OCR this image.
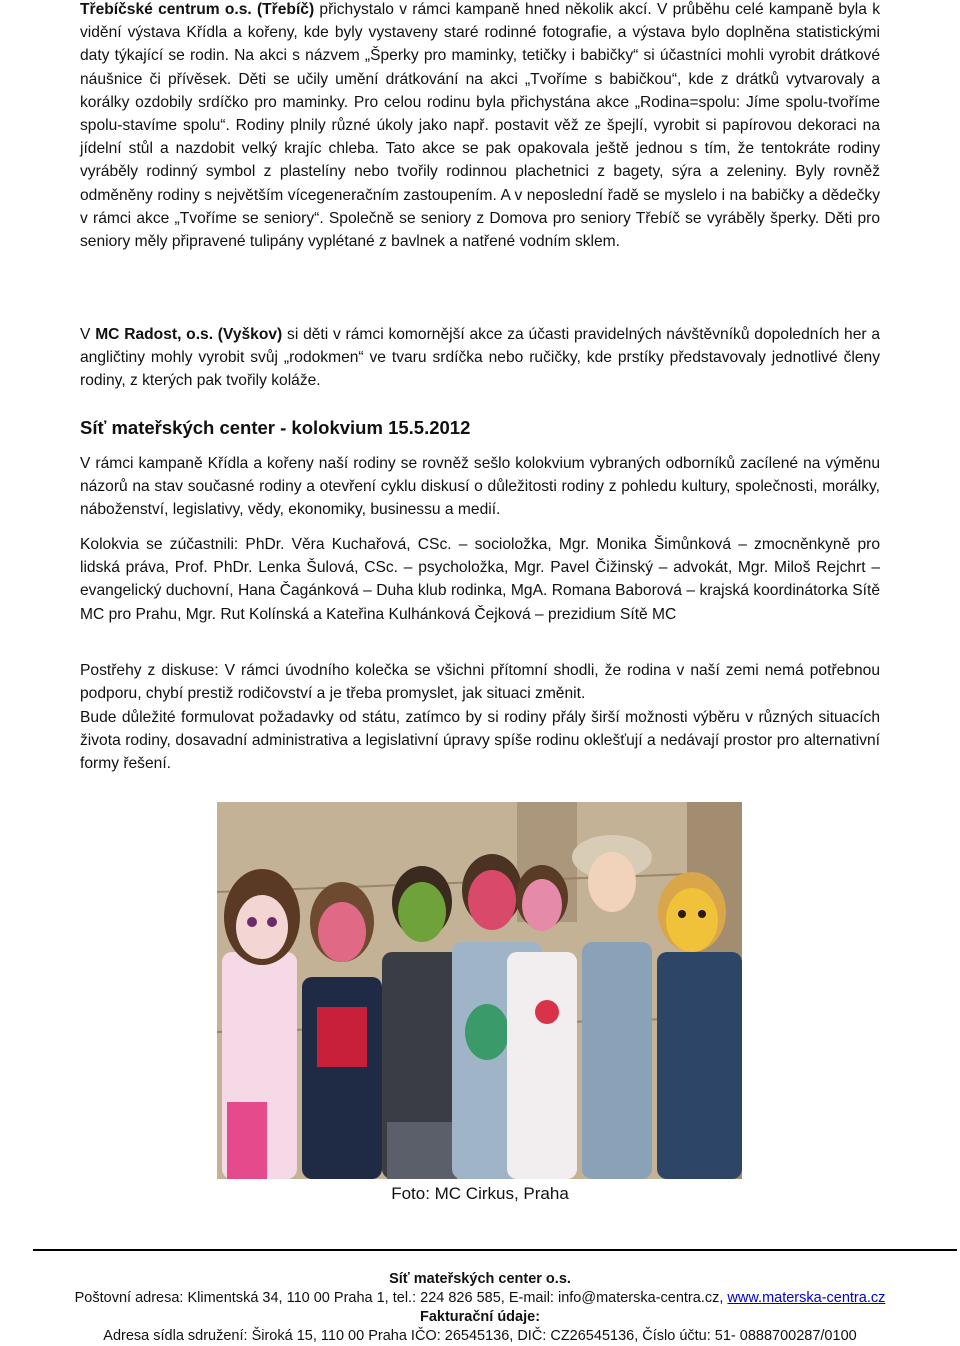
Třebíčské centrum o.s. (Třebíč) přichystalo v rámci kampaně hned několik akcí. V průběhu celé kampaně byla k vidění výstava Křídla a kořeny, kde byly vystaveny staré rodinné fotografie, a výstava bylo doplněna statistickými daty týkající se rodin. Na akci s názvem „Šperky pro maminky, tetičky i babičky“ si účastníci mohli vyrobit drátkové náušnice či přívěsek. Děti se učily umění drátkování na akci „Tvoříme s babičkou“, kde z drátků vytvarovaly a korálky ozdobily srdíčko pro maminky. Pro celou rodinu byla přichystána akce „Rodina=spolu: Jíme spolu-tvoříme spolu-stavíme spolu“. Rodiny plnily různé úkoly jako např. postavit věž ze špejlí, vyrobit si papírovou dekoraci na jídelní stůl a nazdobit velký krajíc chleba. Tato akce se pak opakovala ještě jednou s tím, že tentokráte rodiny vyráběly rodinný symbol z plastelíny nebo tvořily rodinnou plachetnici z bagety, sýra a zeleniny. Byly rovněž odměněny rodiny s největším vícegeneračním zastoupením. A v neposlední řadě se myslelo i na babičky a dědečky v rámci akce „Tvoříme se seniory“. Společně se seniory z Domova pro seniory Třebíč se vyráběly šperky. Děti pro seniory měly připravené tulipány vyplétané z bavlnek a natřené vodním sklem.

V MC Radost, o.s. (Vyškov) si děti v rámci komornější akce za účasti pravidelných návštěvníků dopoledních her a angličtiny mohly vyrobit svůj „rodokmen“ ve tvaru srdíčka nebo ručičky, kde prstíky představovaly jednotlivé členy rodiny, z kterých pak tvořily koláže.

Síť mateřských center - kolokvium 15.5.2012

V rámci kampaně Křídla a kořeny naší rodiny se rovněž sešlo kolokvium vybraných odborníků zacílené na výměnu názorů na stav současné rodiny a otevření cyklu diskusí o důležitosti rodiny z pohledu kultury, společnosti, morálky, náboženství, legislativy, vědy, ekonomiky, businessu a medií.

Kolokvia se zúčastnili: PhDr. Věra Kuchařová, CSc. – socioložka, Mgr. Monika Šimůnková – zmocněnkyně pro lidská práva, Prof. PhDr. Lenka Šulová, CSc. – psycholožka, Mgr. Pavel Čižinský – advokát, Mgr. Miloš Rejchrt – evangelický duchovní, Hana Čagánková – Duha klub rodinka, MgA. Romana Baborová – krajská koordinátorka Sítě MC pro Prahu, Mgr. Rut Kolínská a Kateřina Kulhánková Čejková – prezidium Sítě MC

Postřehy z diskuse: V rámci úvodního kolečka se všichni přítomní shodli, že rodina v naší zemi nemá potřebnou podporu, chybí prestiž rodičovství a je třeba promyslet, jak situaci změnit.

Bude důležité formulovat požadavky od státu, zatímco by si rodiny přály širší možnosti výběru v různých situacích života rodiny, dosavadní administrativa a legislativní úpravy spíše rodinu oklešťují a nedávají prostor pro alternativní formy řešení.

Foto: MC Cirkus, Praha
Síť mateřských center o.s.
Poštovní adresa: Klimentská 34, 110 00 Praha 1, tel.: 224 826 585, E-mail: info@materska-centra.cz, www.materska-centra.cz
Fakturační údaje:
Adresa sídla sdružení: Široká 15, 110 00 Praha IČO: 26545136, DIČ: CZ26545136, Číslo účtu: 51- 0888700287/0100
